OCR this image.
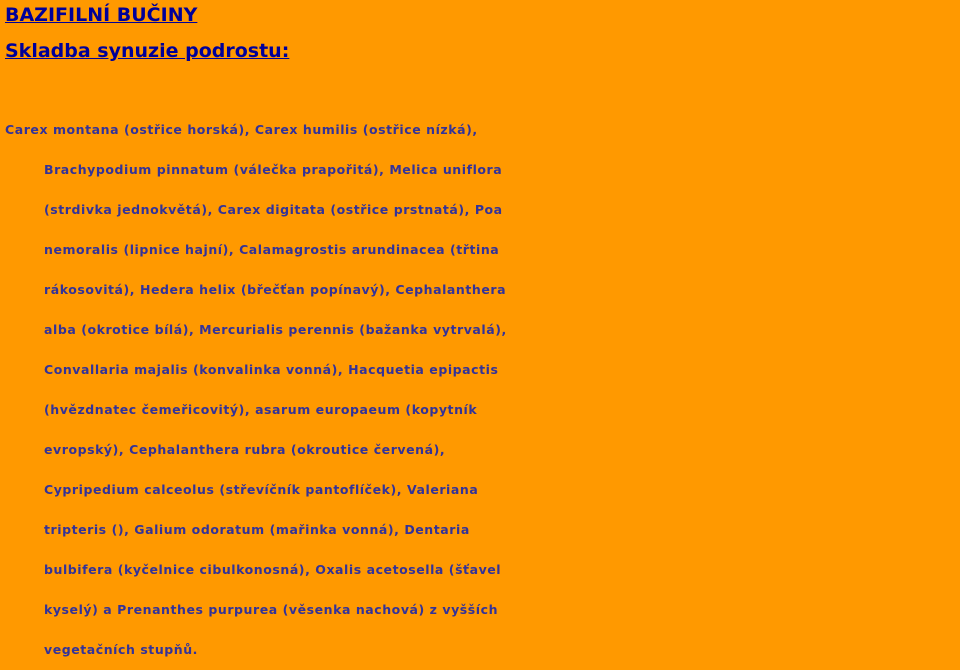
BAZIFILNÍ BUČINY
Skladba synuzie podrostu:
Carex montana (ostřice horská), Carex humilis (ostřice nízká),
Brachypodium pinnatum (válečka prapořitá), Melica uniflora
(strdivka jednokvětá), Carex digitata (ostřice prstnatá), Poa
nemoralis (lipnice hajní), Calamagrostis arundinacea (třtina
rákosovitá), Hedera helix (břečťan popínavý), Cephalanthera
alba (okrotice bílá), Mercurialis perennis (bažanka vytrvalá),
Convallaria majalis (konvalinka vonná), Hacquetia epipactis
(hvězdnatec čemeřicovitý), asarum europaeum (kopytník
evropský), Cephalanthera rubra (okroutice červená),
Cypripedium calceolus (střevíčník pantoflíček), Valeriana
tripteris (), Galium odoratum (mařinka vonná), Dentaria
bulbifera (kyčelnice cibulkonosná), Oxalis acetosella (šťavel
kyselý) a Prenanthes purpurea (věsenka nachová) z vyšších
vegetačních stupňů.
